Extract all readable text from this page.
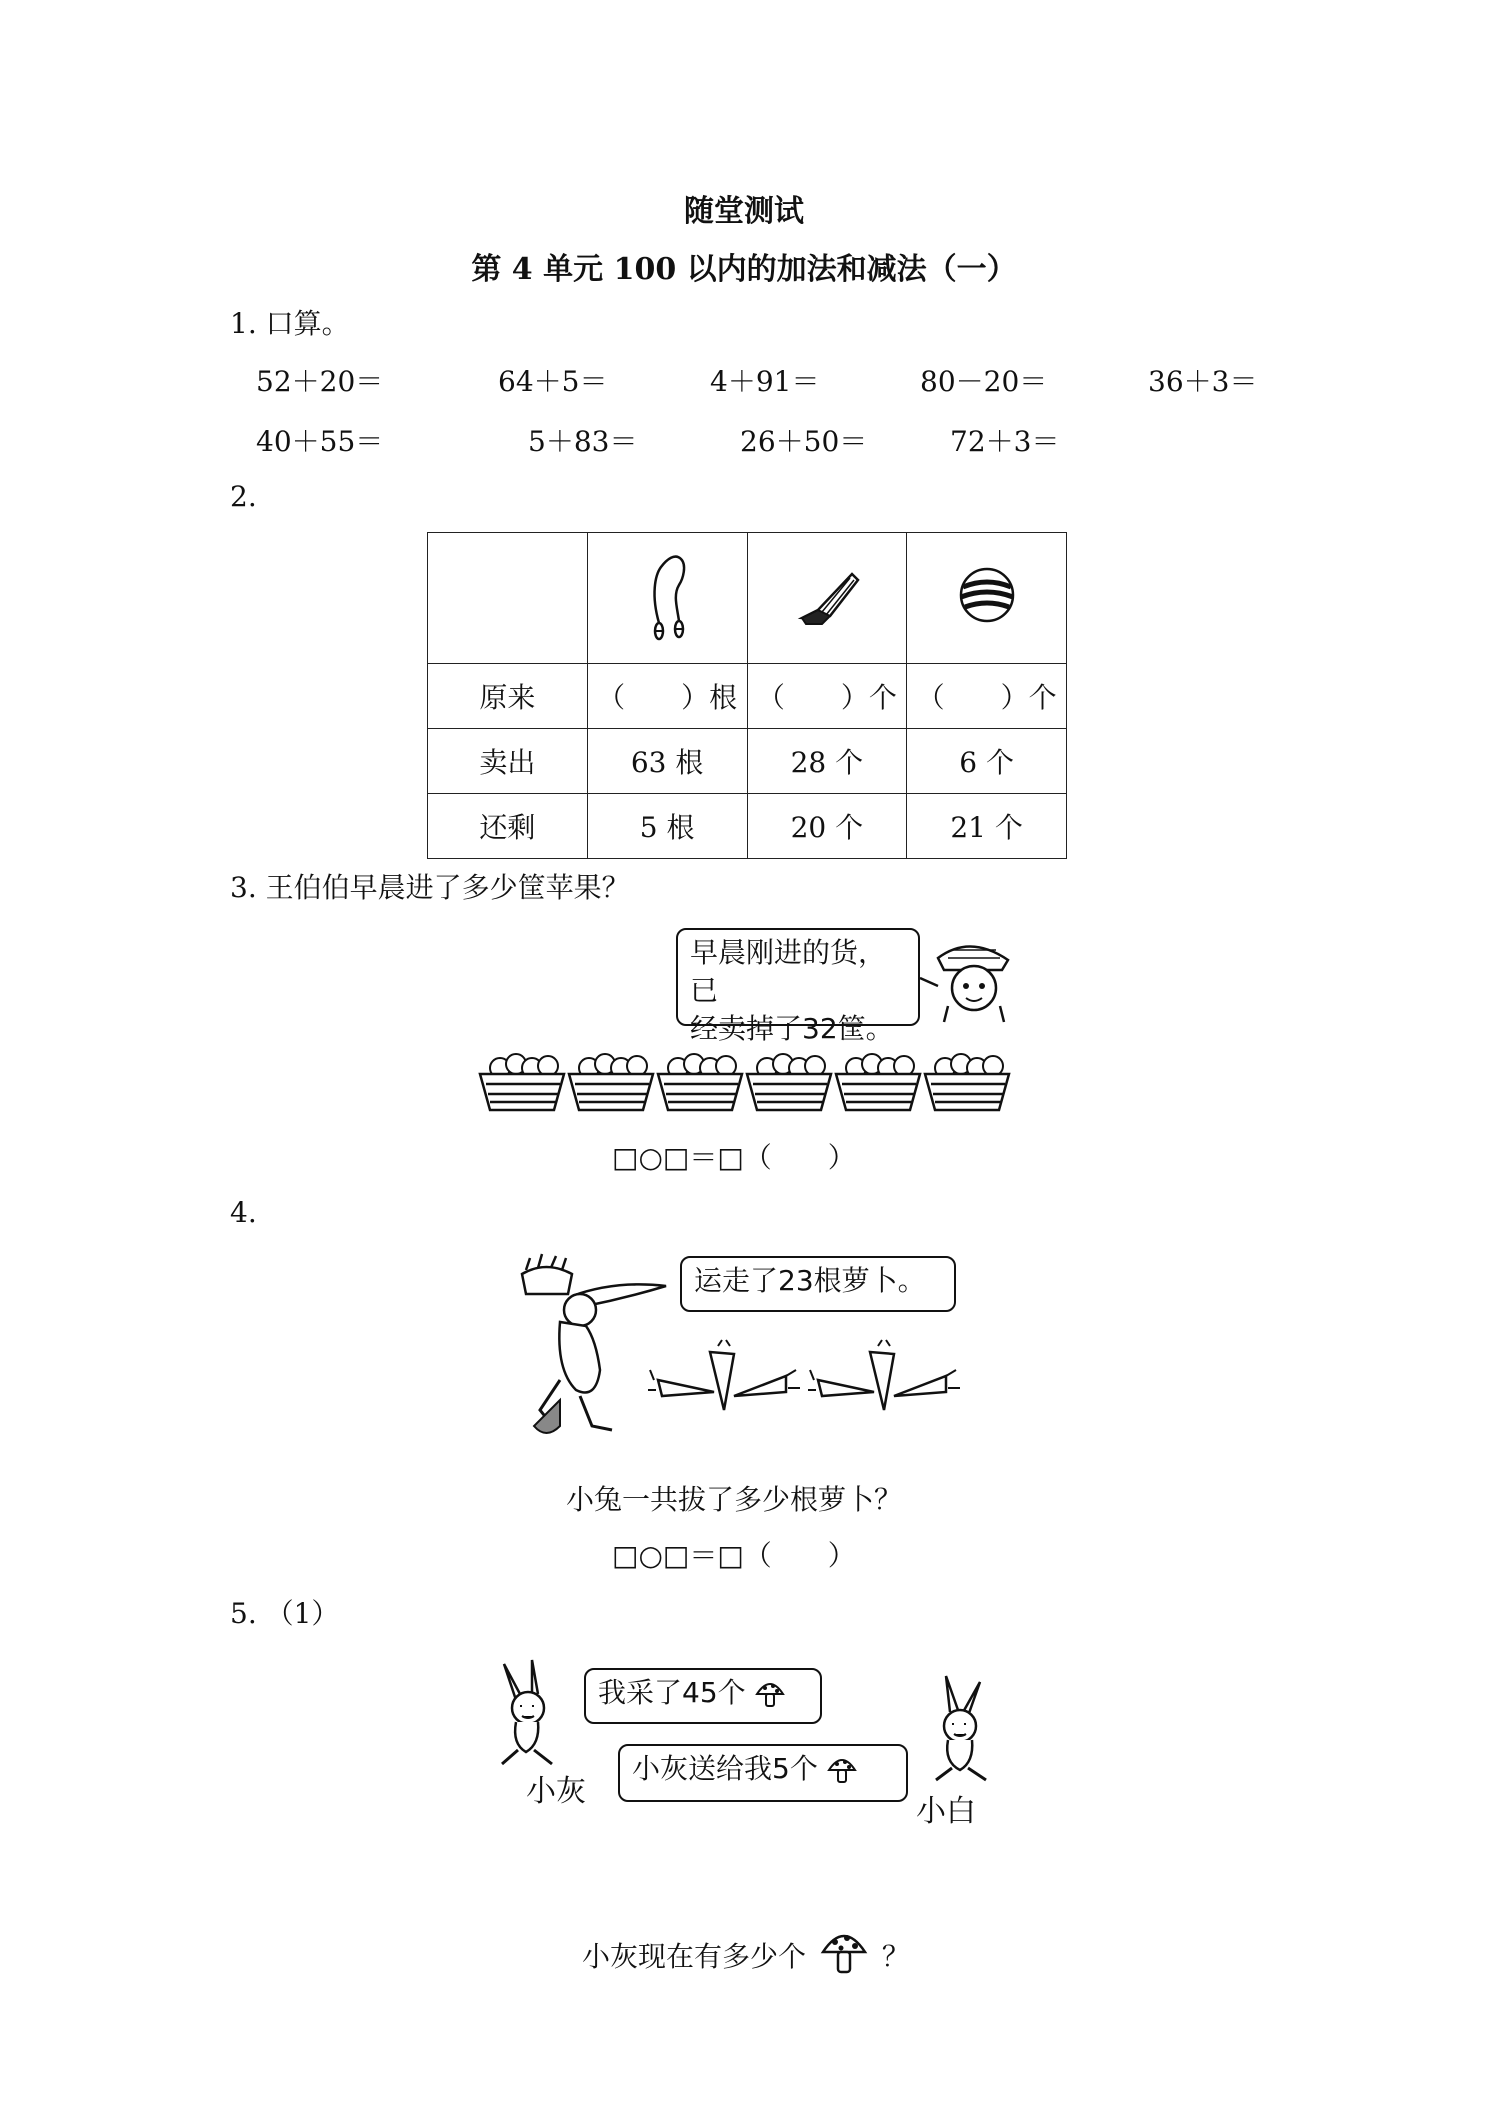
随堂测试
第 4 单元 100 以内的加法和减法（一）
1. 口算。
52＋20＝	64＋5＝	4＋91＝	80－20＝	36＋3＝
40＋55＝	5＋83＝	26＋50＝	72＋3＝
2.

原来	（　　）根	（　　）个	（　　）个
卖出	63 根	28 个	6 个
还剩	5 根	20 个	21 个
3. 王伯伯早晨进了多少筐苹果？
早晨刚进的货，已
经卖掉了32筐。
□○□＝□（　　）
4.
运走了23根萝卜。
小兔一共拔了多少根萝卜？
□○□＝□（　　）
5. （1）
我采了45个
小灰送给我5个
小灰
小白
小灰现在有多少个	？
